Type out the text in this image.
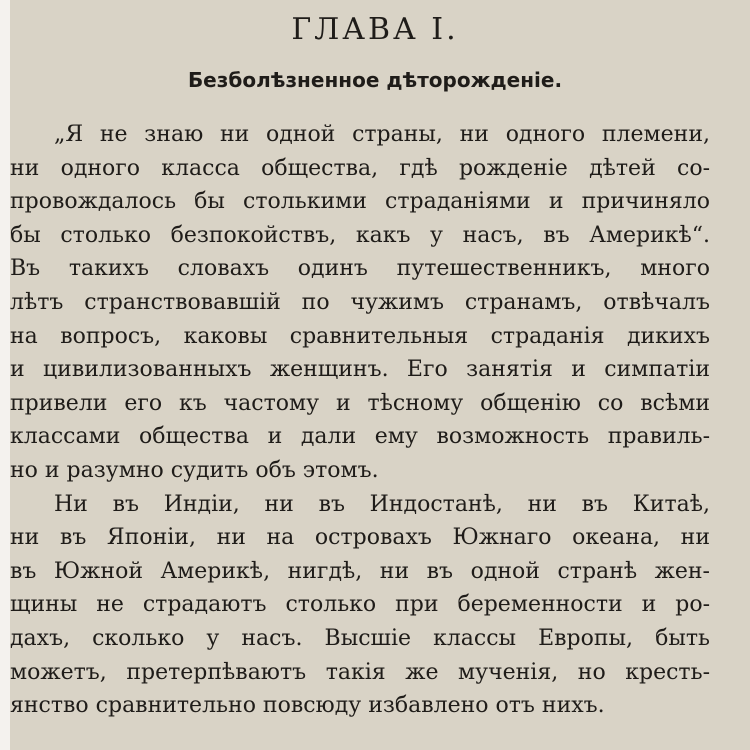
ГЛАВА I.
Безболѣзненное дѣторожденіе.
„Я не знаю ни одной страны, ни одного племени,
ни одного класса общества, гдѣ рожденіе дѣтей со-
провождалось бы столькими страданіями и причиняло
бы столько безпокойствъ, какъ у насъ, въ Америкѣ“.
Въ такихъ словахъ одинъ путешественникъ, много
лѣтъ странствовавшій по чужимъ странамъ, отвѣчалъ
на вопросъ, каковы сравнительныя страданія дикихъ
и цивилизованныхъ женщинъ. Его занятія и симпатіи
привели его къ частому и тѣсному общенію со всѣми
классами общества и дали ему возможность правиль-
но и разумно судить объ этомъ.
Ни въ Индіи, ни въ Индостанѣ, ни въ Китаѣ,
ни въ Японіи, ни на островахъ Южнаго океана, ни
въ Южной Америкѣ, нигдѣ, ни въ одной странѣ жен-
щины не страдаютъ столько при беременности и ро-
дахъ, сколько у насъ. Высшіе классы Европы, быть
можетъ, претерпѣваютъ такія же мученія, но кресть-
янство сравнительно повсюду избавлено отъ нихъ.
